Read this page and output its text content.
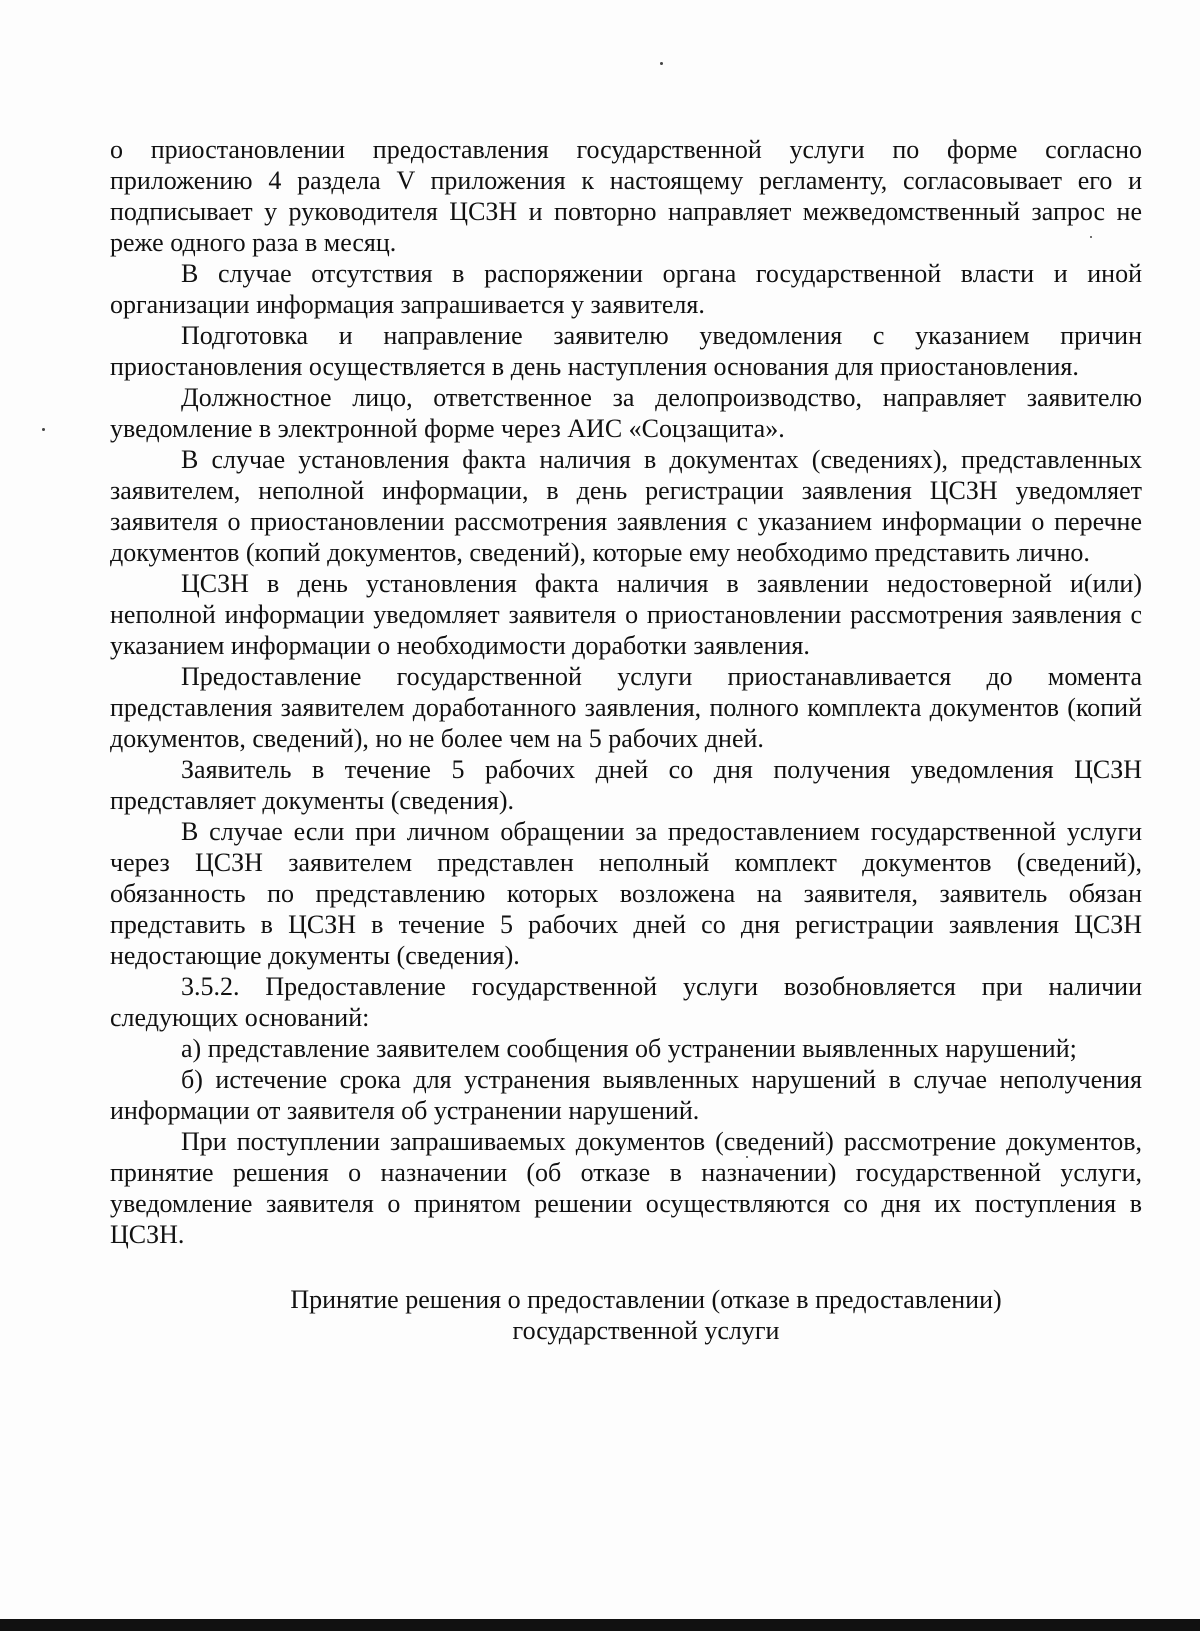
о приостановлении предоставления государственной услуги по форме согласно приложению 4 раздела V приложения к настоящему регламенту, согласовывает его и подписывает у руководителя ЦСЗН и повторно направляет межведомственный запрос не реже одного раза в месяц.

В случае отсутствия в распоряжении органа государственной власти и иной организации информация запрашивается у заявителя.

Подготовка и направление заявителю уведомления с указанием причин приостановления осуществляется в день наступления основания для приостановления.

Должностное лицо, ответственное за делопроизводство, направляет заявителю уведомление в электронной форме через АИС «Соцзащита».

В случае установления факта наличия в документах (сведениях), представленных заявителем, неполной информации, в день регистрации заявления ЦСЗН уведомляет заявителя о приостановлении рассмотрения заявления с указанием информации о перечне документов (копий документов, сведений), которые ему необходимо представить лично.

ЦСЗН в день установления факта наличия в заявлении недостоверной и(или) неполной информации уведомляет заявителя о приостановлении рассмотрения заявления с указанием информации о необходимости доработки заявления.

Предоставление государственной услуги приостанавливается до момента представления заявителем доработанного заявления, полного комплекта документов (копий документов, сведений), но не более чем на 5 рабочих дней.

Заявитель в течение 5 рабочих дней со дня получения уведомления ЦСЗН представляет документы (сведения).

В случае если при личном обращении за предоставлением государственной услуги через ЦСЗН заявителем представлен неполный комплект документов (сведений), обязанность по представлению которых возложена на заявителя, заявитель обязан представить в ЦСЗН в течение 5 рабочих дней со дня регистрации заявления ЦСЗН недостающие документы (сведения).

3.5.2. Предоставление государственной услуги возобновляется при наличии следующих оснований:

а) представление заявителем сообщения об устранении выявленных нарушений;

б) истечение срока для устранения выявленных нарушений в случае неполучения информации от заявителя об устранении нарушений.

При поступлении запрашиваемых документов (сведений) рассмотрение документов, принятие решения о назначении (об отказе в назначении) государственной услуги, уведомление заявителя о принятом решении осуществляются со дня их поступления в ЦСЗН.

Принятие решения о предоставлении (отказе в предоставлении)
государственной услуги
